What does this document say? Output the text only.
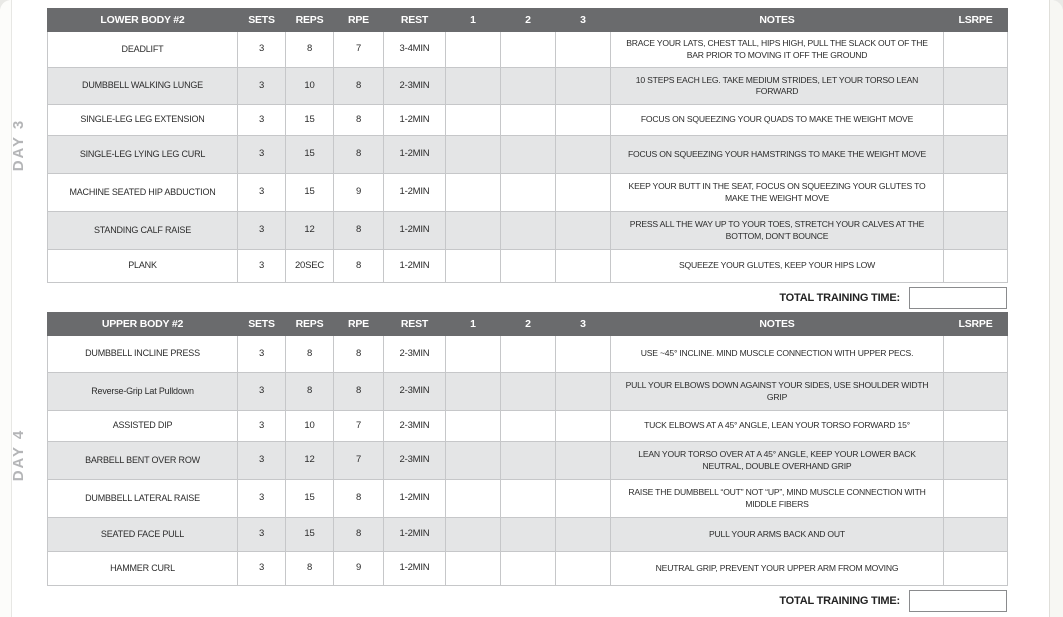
DAY 3
LOWER BODY #2	SETS	REPS	RPE	REST	1	2	3	NOTES	LSRPE
DEADLIFT	3	8	7	3-4MIN				BRACE YOUR LATS, CHEST TALL, HIPS HIGH, PULL THE SLACK OUT OF THE BAR PRIOR TO MOVING IT OFF THE GROUND	
DUMBBELL WALKING LUNGE	3	10	8	2-3MIN				10 STEPS EACH LEG. TAKE MEDIUM STRIDES, LET YOUR TORSO LEAN FORWARD	
SINGLE-LEG LEG EXTENSION	3	15	8	1-2MIN				FOCUS ON SQUEEZING YOUR QUADS TO MAKE THE WEIGHT MOVE	
SINGLE-LEG LYING LEG CURL	3	15	8	1-2MIN				FOCUS ON SQUEEZING YOUR HAMSTRINGS TO MAKE THE WEIGHT MOVE	
MACHINE SEATED HIP ABDUCTION	3	15	9	1-2MIN				KEEP YOUR BUTT IN THE SEAT, FOCUS ON SQUEEZING YOUR GLUTES TO MAKE THE WEIGHT MOVE	
STANDING CALF RAISE	3	12	8	1-2MIN				PRESS ALL THE WAY UP TO YOUR TOES, STRETCH YOUR CALVES AT THE BOTTOM, DON’T BOUNCE	
PLANK	3	20SEC	8	1-2MIN				SQUEEZE YOUR GLUTES, KEEP YOUR HIPS LOW	
TOTAL TRAINING TIME:
DAY 4
UPPER BODY #2	SETS	REPS	RPE	REST	1	2	3	NOTES	LSRPE
DUMBBELL INCLINE PRESS	3	8	8	2-3MIN				USE ~45° INCLINE. MIND MUSCLE CONNECTION WITH UPPER PECS.	
Reverse-Grip Lat Pulldown	3	8	8	2-3MIN				PULL YOUR ELBOWS DOWN AGAINST YOUR SIDES, USE SHOULDER WIDTH GRIP	
ASSISTED DIP	3	10	7	2-3MIN				TUCK ELBOWS AT A 45° ANGLE, LEAN YOUR TORSO FORWARD 15°	
BARBELL BENT OVER ROW	3	12	7	2-3MIN				LEAN YOUR TORSO OVER AT A 45° ANGLE, KEEP YOUR LOWER BACK NEUTRAL, DOUBLE OVERHAND GRIP	
DUMBBELL LATERAL RAISE	3	15	8	1-2MIN				RAISE THE DUMBBELL “OUT” NOT “UP”, MIND MUSCLE CONNECTION WITH MIDDLE FIBERS	
SEATED FACE PULL	3	15	8	1-2MIN				PULL YOUR ARMS BACK AND OUT	
HAMMER CURL	3	8	9	1-2MIN				NEUTRAL GRIP, PREVENT YOUR UPPER ARM FROM MOVING	
TOTAL TRAINING TIME:
